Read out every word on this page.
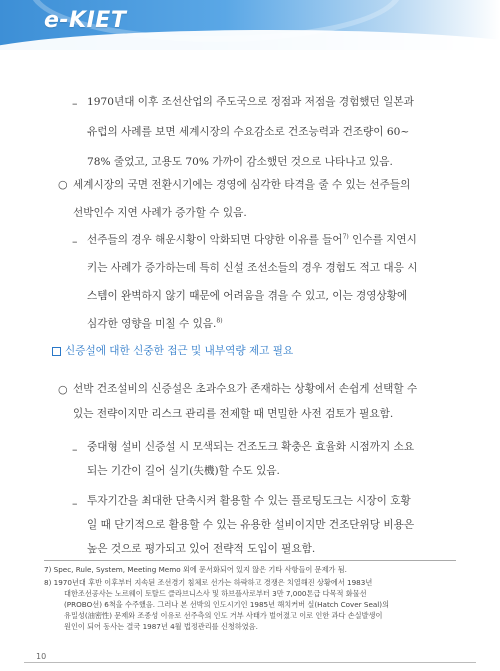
e-KIET
– 1970년대 이후 조선산업의 주도국으로 정점과 저점을 경험했던 일본과
유럽의 사례를 보면 세계시장의 수요감소로 건조능력과 건조량이 60~
78% 줄었고, 고용도 70% 가까이 감소했던 것으로 나타나고 있음.
○ 세계시장의 국면 전환시기에는 경영에 심각한 타격을 줄 수 있는 선주들의
선박인수 지연 사례가 증가할 수 있음.
– 선주들의 경우 해운시황이 악화되면 다양한 이유를 들어$^{7)}$ 인수를 지연시
키는 사례가 증가하는데 특히 신설 조선소들의 경우 경험도 적고 대응 시
스템이 완벽하지 않기 때문에 어려움을 겪을 수 있고, 이는 경영상황에
심각한 영향을 미칠 수 있음.$^{8)}$
신증설에 대한 신중한 접근 및 내부역량 제고 필요
○ 선박 건조설비의 신증설은 초과수요가 존재하는 상황에서 손쉽게 선택할 수
있는 전략이지만 리스크 관리를 전제할 때 면밀한 사전 검토가 필요함.
– 중대형 설비 신증설 시 모색되는 건조도크 확충은 효율화 시점까지 소요
되는 기간이 길어 실기(失機)할 수도 있음.
– 투자기간을 최대한 단축시켜 활용할 수 있는 플로팅도크는 시장이 호황
일 때 단기적으로 활용할 수 있는 유용한 설비이지만 건조단위당 비용은
높은 것으로 평가되고 있어 전략적 도입이 필요함.
7) Spec, Rule, System, Meeting Memo 외에 문서화되어 있지 않은 기타 사항들이 문제가 됨.
8) 1970년대 후반 이후부터 지속된 조선경기 침체로 선가는 하락하고 경쟁은 치열해진 상황에서 1983년
대한조선공사는 노르웨이 토탈드 클라브니스사 및 하브플사로부터 3만 7,000톤급 다목적 화물선
(PROBO선) 6척을 수주했음. 그러나 본 선박의 인도시기인 1985년 해치커버 실(Hatch Cover Seal)의
유밀성(油密性) 문제와 조종성 이유로 선주측의 인도 거부 사태가 벌어졌고 이로 인한 과다 손실발생이
원인이 되어 동사는 결국 1987년 4월 법정관리를 신청하였음.
10
